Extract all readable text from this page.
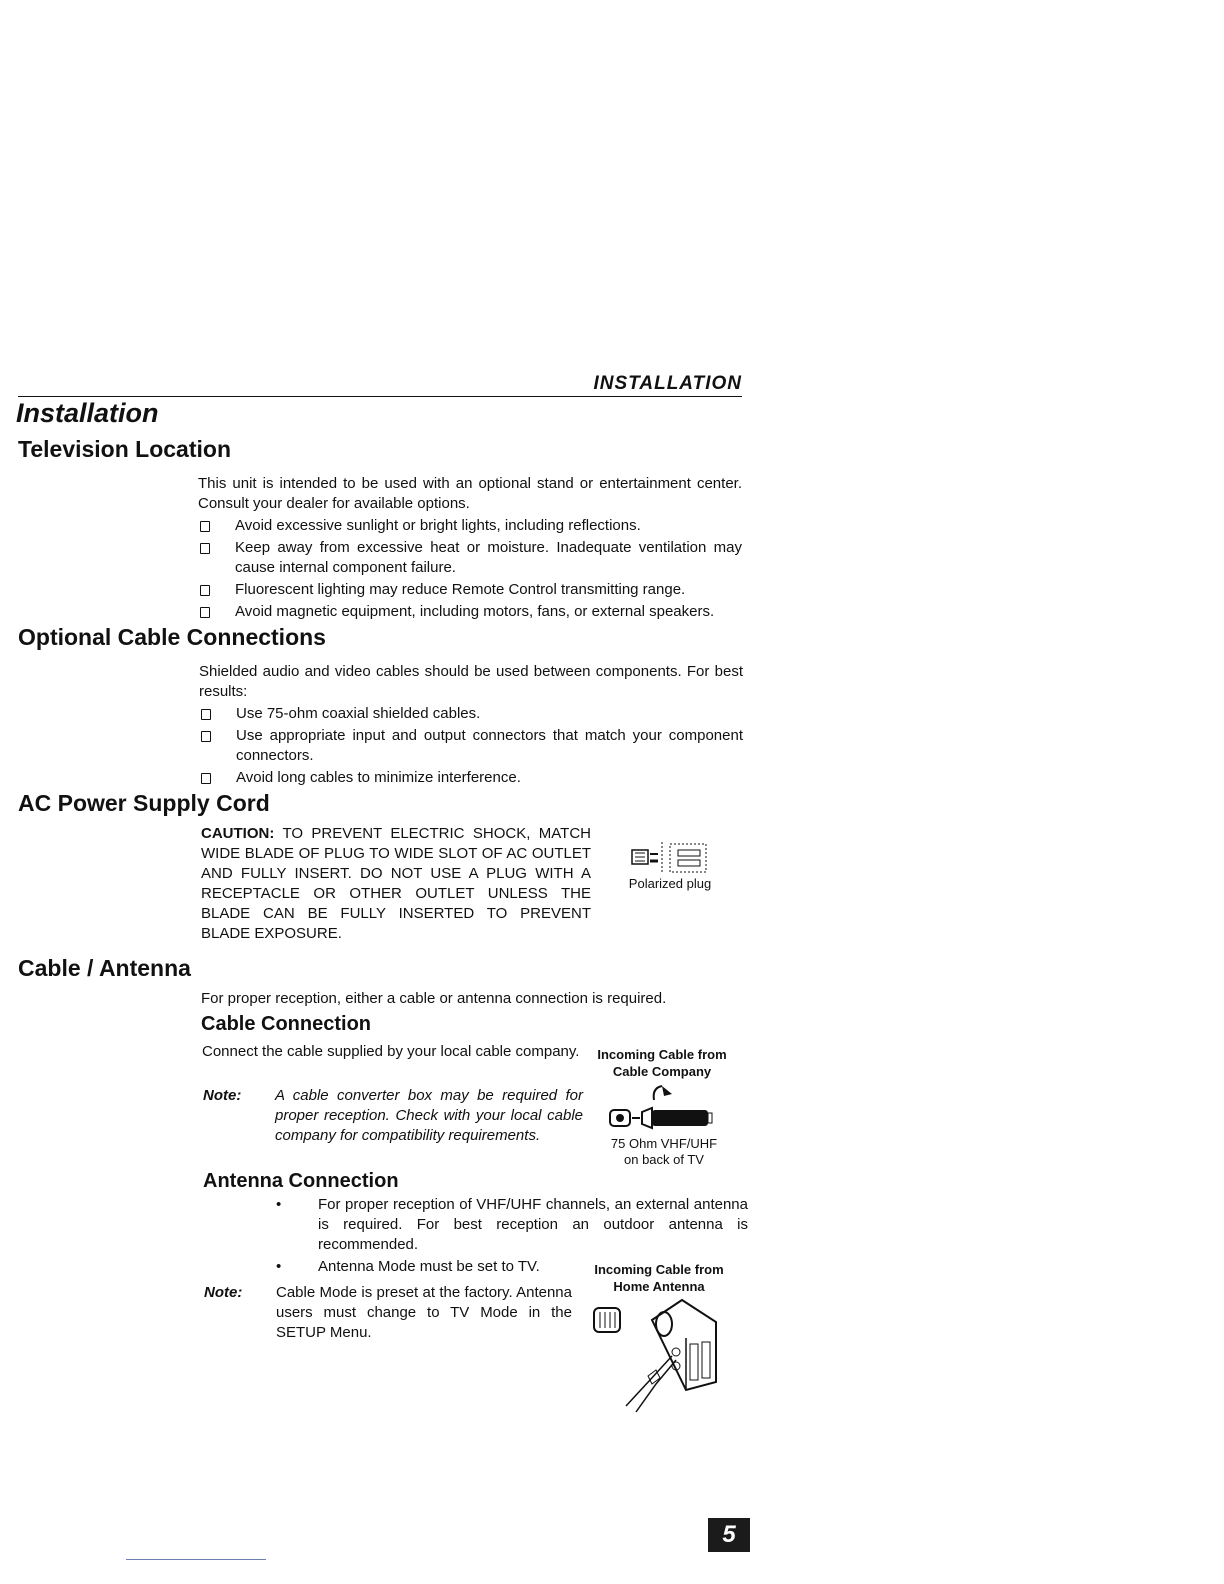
INSTALLATION
Installation
Television Location
This unit is intended to be used with an optional stand or entertainment center. Consult your dealer for available options.
Avoid excessive sunlight or bright lights, including reflections.
Keep away from excessive heat or moisture. Inadequate ventilation may cause internal component failure.
Fluorescent lighting may reduce Remote Control transmitting range.
Avoid magnetic equipment, including motors, fans, or external speakers.
Optional Cable Connections
Shielded audio and video cables should be used between components. For best results:
Use 75-ohm coaxial shielded cables.
Use appropriate input and output connectors that match your component connectors.
Avoid long cables to minimize interference.
AC Power Supply Cord
CAUTION: TO PREVENT ELECTRIC SHOCK, MATCH WIDE BLADE OF PLUG TO WIDE SLOT OF AC OUTLET AND FULLY INSERT. DO NOT USE A PLUG WITH A RECEPTACLE OR OTHER OUTLET UNLESS THE BLADE CAN BE FULLY INSERTED TO PREVENT BLADE EXPOSURE.
Polarized plug
Cable / Antenna
For proper reception, either a cable or antenna connection is required.
Cable Connection
Connect the cable supplied by your local cable company.
Note: A cable converter box may be required for proper reception. Check with your local cable company for compatibility requirements.
Incoming Cable from
Cable Company
75 Ohm VHF/UHF
on back of TV
Antenna Connection
• For proper reception of VHF/UHF channels, an external antenna is required. For best reception an outdoor antenna is recommended.
• Antenna Mode must be set to TV.
Note: Cable Mode is preset at the factory. Antenna users must change to TV Mode in the SETUP Menu.
Incoming Cable from
Home Antenna
5
